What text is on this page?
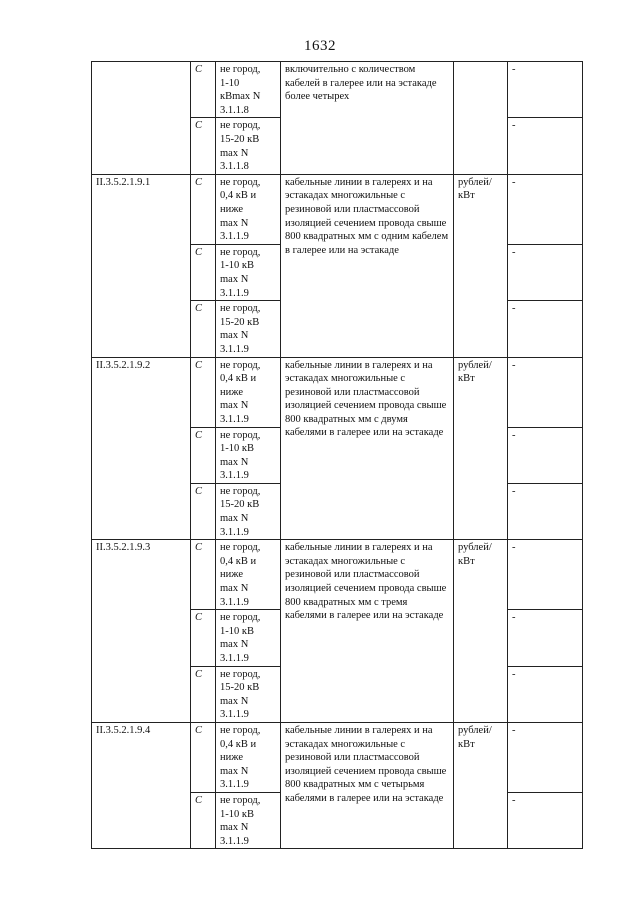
1632
	С	не город,
1-10
кВmax N
3.1.1.8	включительно с количеством кабелей в галерее или на эстакаде более четырех		-
	С	не город,
15-20 кВ
max N
3.1.1.8			-
II.3.5.2.1.9.1	С	не город,
0,4 кВ и
ниже
max N
3.1.1.9	кабельные линии в галереях и на эстакадах многожильные с резиновой или пластмассовой изоляцией сечением провода свыше 800 квадратных мм с одним кабелем в галерее или на эстакаде	рублей/ кВт	-
	С	не город,
1-10 кВ
max N
3.1.1.9			-
	С	не город,
15-20 кВ
max N
3.1.1.9			-
II.3.5.2.1.9.2	С	не город,
0,4 кВ и
ниже
max N
3.1.1.9	кабельные линии в галереях и на эстакадах многожильные с резиновой или пластмассовой изоляцией сечением провода свыше 800 квадратных мм с двумя кабелями в галерее или на эстакаде	рублей/ кВт	-
	С	не город,
1-10 кВ
max N
3.1.1.9			-
	С	не город,
15-20 кВ
max N
3.1.1.9			-
II.3.5.2.1.9.3	С	не город,
0,4 кВ и
ниже
max N
3.1.1.9	кабельные линии в галереях и на эстакадах многожильные с резиновой или пластмассовой изоляцией сечением провода свыше 800 квадратных мм с тремя кабелями в галерее или на эстакаде	рублей/ кВт	-
	С	не город,
1-10 кВ
max N
3.1.1.9			-
	С	не город,
15-20 кВ
max N
3.1.1.9			-
II.3.5.2.1.9.4	С	не город,
0,4 кВ и
ниже
max N
3.1.1.9	кабельные линии в галереях и на эстакадах многожильные с резиновой или пластмассовой изоляцией сечением провода свыше 800 квадратных мм с четырьмя кабелями в галерее или на эстакаде	рублей/ кВт	-
	С	не город,
1-10 кВ
max N
3.1.1.9			-
